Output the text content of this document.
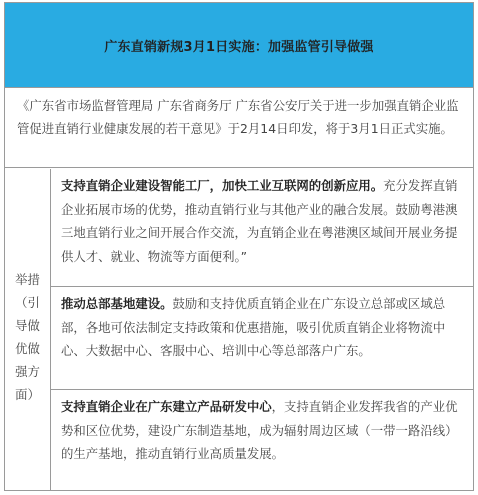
广东直销新规3月1日实施：加强监管引导做强
《广东省市场监督管理局 广东省商务厅 广东省公安厅关于进一步加强直销企业监管促进直销行业健康发展的若干意见》于2月14日印发，将于3月1日正式实施。
举措（引导做优做强方面）
支持直销企业建设智能工厂，加快工业互联网的创新应用。充分发挥直销企业拓展市场的优势，推动直销行业与其他产业的融合发展。鼓励粤港澳三地直销行业之间开展合作交流，为直销企业在粤港澳区域间开展业务提供人才、就业、物流等方面便利。”
推动总部基地建设。鼓励和支持优质直销企业在广东设立总部或区域总部，各地可依法制定支持政策和优惠措施，吸引优质直销企业将物流中心、大数据中心、客服中心、培训中心等总部落户广东。
支持直销企业在广东建立产品研发中心，支持直销企业发挥我省的产业优势和区位优势，建设广东制造基地，成为辐射周边区域（一带一路沿线）的生产基地，推动直销行业高质量发展。
